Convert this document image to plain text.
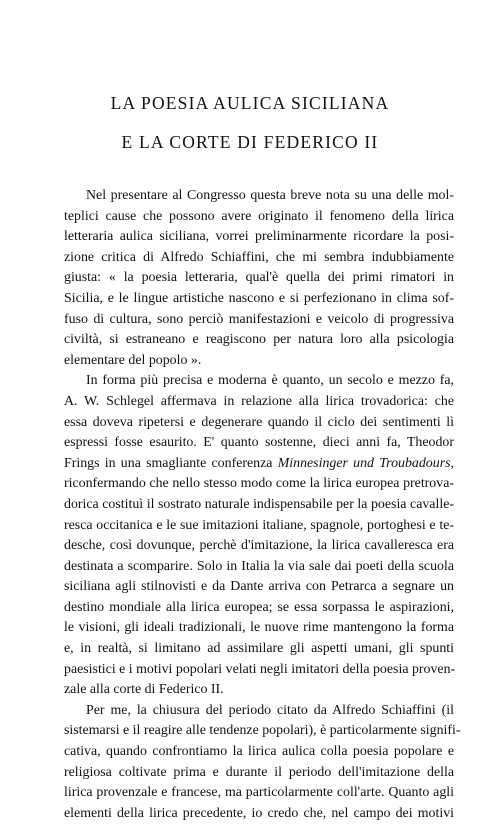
LA POESIA AULICA SICILIANA
E LA CORTE DI FEDERICO II
Nel presentare al Congresso questa breve nota su una delle mol-
teplici cause che possono avere originato il fenomeno della lirica
letteraria aulica siciliana, vorrei preliminarmente ricordare la posi-
zione critica di Alfredo Schiaffini, che mi sembra indubbiamente
giusta: « la poesia letteraria, qual'è quella dei primi rimatori in
Sicilia, e le lingue artistiche nascono e si perfezionano in clima sof-
fuso di cultura, sono perciò manifestazioni e veicolo di progressiva
civiltà, si estraneano e reagiscono per natura loro alla psicologia
elementare del popolo ».
In forma più precisa e moderna è quanto, un secolo e mezzo fa,
A. W. Schlegel affermava in relazione alla lirica trovadorica: che
essa doveva ripetersi e degenerare quando il ciclo dei sentimenti lì
espressi fosse esaurito. E' quanto sostenne, dieci anni fa, Theodor
Frings in una smagliante conferenza Minnesinger und Troubadours,
riconfermando che nello stesso modo come la lirica europea pretrova-
dorica costituì il sostrato naturale indispensabile per la poesia cavalle-
resca occitanica e le sue imitazioni italiane, spagnole, portoghesi e te-
desche, così dovunque, perchè d'imitazione, la lirica cavalleresca era
destinata a scomparire. Solo in Italia la via sale dai poeti della scuola
siciliana agli stilnovisti e da Dante arriva con Petrarca a segnare un
destino mondiale alla lirica europea; se essa sorpassa le aspirazioni,
le visioni, gli ideali tradizionali, le nuove rime mantengono la forma
e, in realtà, si limitano ad assimilare gli aspetti umani, gli spunti
paesistici e i motivi popolari velati negli imitatori della poesia proven-
zale alla corte di Federico II.
Per me, la chiusura del periodo citato da Alfredo Schiaffini (il
sistemarsi e il reagire alle tendenze popolari), è particolarmente signifi-
cativa, quando confrontiamo la lirica aulica colla poesia popolare e
religiosa coltivate prima e durante il periodo dell'imitazione della
lirica provenzale e francese, ma particolarmente coll'arte. Quanto agli
elementi della lirica precedente, io credo che, nel campo dei motivi
